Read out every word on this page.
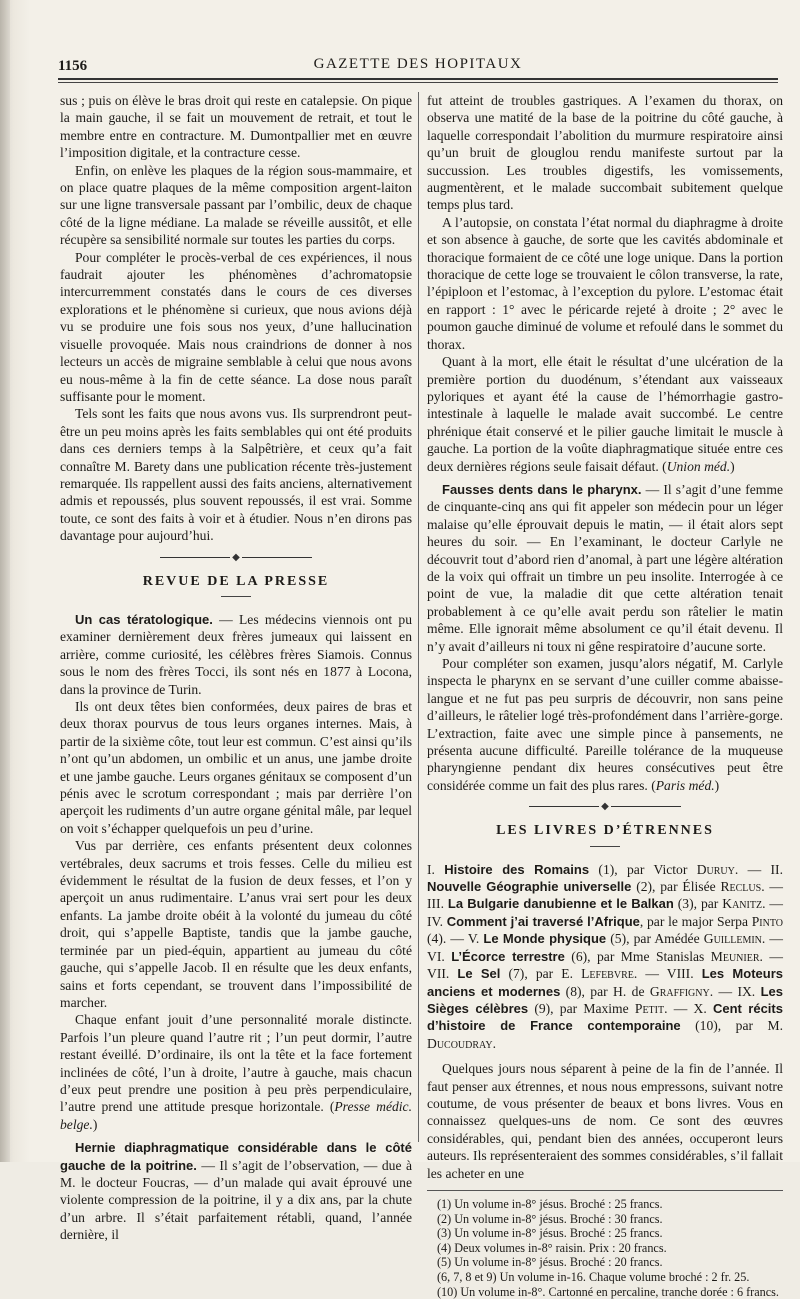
1156	GAZETTE DES HOPITAUX

sus ; puis on élève le bras droit qui reste en catalepsie. On pique la main gauche, il se fait un mouvement de retrait, et tout le membre entre en contracture. M. Dumontpallier met en œuvre l’imposition digitale, et la contracture cesse.

Enfin, on enlève les plaques de la région sous-mammaire, et on place quatre plaques de la même composition argent-laiton sur une ligne transversale passant par l’ombilic, deux de chaque côté de la ligne médiane. La malade se réveille aussitôt, et elle récupère sa sensibilité normale sur toutes les parties du corps.

Pour compléter le procès-verbal de ces expériences, il nous faudrait ajouter les phénomènes d’achromatopsie intercurremment constatés dans le cours de ces diverses explorations et le phénomène si curieux, que nous avions déjà vu se produire une fois sous nos yeux, d’une hallucination visuelle provoquée. Mais nous craindrions de donner à nos lecteurs un accès de migraine semblable à celui que nous avons eu nous-même à la fin de cette séance. La dose nous paraît suffisante pour le moment.

Tels sont les faits que nous avons vus. Ils surprendront peut-être un peu moins après les faits semblables qui ont été produits dans ces derniers temps à la Salpêtrière, et ceux qu’a fait connaître M. Barety dans une publication récente très-justement remarquée. Ils rappellent aussi des faits anciens, alternativement admis et repoussés, plus souvent repoussés, il est vrai. Somme toute, ce sont des faits à voir et à étudier. Nous n’en dirons pas davantage pour aujourd’hui.

◆
REVUE DE LA PRESSE

Un cas tératologique. — Les médecins viennois ont pu examiner dernièrement deux frères jumeaux qui laissent en arrière, comme curiosité, les célèbres frères Siamois. Connus sous le nom des frères Tocci, ils sont nés en 1877 à Locona, dans la province de Turin.

Ils ont deux têtes bien conformées, deux paires de bras et deux thorax pourvus de tous leurs organes internes. Mais, à partir de la sixième côte, tout leur est commun. C’est ainsi qu’ils n’ont qu’un abdomen, un ombilic et un anus, une jambe droite et une jambe gauche. Leurs organes génitaux se composent d’un pénis avec le scrotum correspondant ; mais par derrière l’on aperçoit les rudiments d’un autre organe génital mâle, par lequel on voit s’échapper quelquefois un peu d’urine.

Vus par derrière, ces enfants présentent deux colonnes vertébrales, deux sacrums et trois fesses. Celle du milieu est évidemment le résultat de la fusion de deux fesses, et l’on y aperçoit un anus rudimentaire. L’anus vrai sert pour les deux enfants. La jambe droite obéit à la volonté du jumeau du côté droit, qui s’appelle Baptiste, tandis que la jambe gauche, terminée par un pied-équin, appartient au jumeau du côté gauche, qui s’appelle Jacob. Il en résulte que les deux enfants, sains et forts cependant, se trouvent dans l’impossibilité de marcher.

Chaque enfant jouit d’une personnalité morale distincte. Parfois l’un pleure quand l’autre rit ; l’un peut dormir, l’autre restant éveillé. D’ordinaire, ils ont la tête et la face fortement inclinées de côté, l’un à droite, l’autre à gauche, mais chacun d’eux peut prendre une position à peu près perpendiculaire, l’autre prend une attitude presque horizontale. (Presse médic. belge.)

Hernie diaphragmatique considérable dans le côté gauche de la poitrine. — Il s’agit de l’observation, — due à M. le docteur Foucras, — d’un malade qui avait éprouvé une violente compression de la poitrine, il y a dix ans, par la chute d’un arbre. Il s’était parfaitement rétabli, quand, l’année dernière, il

fut atteint de troubles gastriques. A l’examen du thorax, on observa une matité de la base de la poitrine du côté gauche, à laquelle correspondait l’abolition du murmure respiratoire ainsi qu’un bruit de glouglou rendu manifeste surtout par la succussion. Les troubles digestifs, les vomissements, augmentèrent, et le malade succombait subitement quelque temps plus tard.

A l’autopsie, on constata l’état normal du diaphragme à droite et son absence à gauche, de sorte que les cavités abdominale et thoracique formaient de ce côté une loge unique. Dans la portion thoracique de cette loge se trouvaient le côlon transverse, la rate, l’épiploon et l’estomac, à l’exception du pylore. L’estomac était en rapport : 1° avec le péricarde rejeté à droite ; 2° avec le poumon gauche diminué de volume et refoulé dans le sommet du thorax.

Quant à la mort, elle était le résultat d’une ulcération de la première portion du duodénum, s’étendant aux vaisseaux pyloriques et ayant été la cause de l’hémorrhagie gastro-intestinale à laquelle le malade avait succombé. Le centre phrénique était conservé et le pilier gauche limitait le muscle à gauche. La portion de la voûte diaphragmatique située entre ces deux dernières régions seule faisait défaut. (Union méd.)

Fausses dents dans le pharynx. — Il s’agit d’une femme de cinquante-cinq ans qui fit appeler son médecin pour un léger malaise qu’elle éprouvait depuis le matin, — il était alors sept heures du soir. — En l’examinant, le docteur Carlyle ne découvrit tout d’abord rien d’anomal, à part une légère altération de la voix qui offrait un timbre un peu insolite. Interrogée à ce point de vue, la maladie dit que cette altération tenait probablement à ce qu’elle avait perdu son râtelier le matin même. Elle ignorait même absolument ce qu’il était devenu. Il n’y avait d’ailleurs ni toux ni gêne respiratoire d’aucune sorte.

Pour compléter son examen, jusqu’alors négatif, M. Carlyle inspecta le pharynx en se servant d’une cuiller comme abaisse-langue et ne fut pas peu surpris de découvrir, non sans peine d’ailleurs, le râtelier logé très-profondément dans l’arrière-gorge. L’extraction, faite avec une simple pince à pansements, ne présenta aucune difficulté. Pareille tolérance de la muqueuse pharyngienne pendant dix heures consécutives peut être considérée comme un fait des plus rares. (Paris méd.)

◆
LES LIVRES D’ÉTRENNES

I. Histoire des Romains (1), par Victor Duruy. — II. Nouvelle Géographie universelle (2), par Élisée Reclus. — III. La Bulgarie danubienne et le Balkan (3), par Kanitz. — IV. Comment j’ai traversé l’Afrique, par le major Serpa Pinto (4). — V. Le Monde physique (5), par Amédée Guillemin. — VI. L’Écorce terrestre (6), par Mme Stanislas Meunier. — VII. Le Sel (7), par E. Lefebvre. — VIII. Les Moteurs anciens et modernes (8), par H. de Graffigny. — IX. Les Sièges célèbres (9), par Maxime Petit. — X. Cent récits d’histoire de France contemporaine (10), par M. Ducoudray.

Quelques jours nous séparent à peine de la fin de l’année. Il faut penser aux étrennes, et nous nous empressons, suivant notre coutume, de vous présenter de beaux et bons livres. Vous en connaissez quelques-uns de nom. Ce sont des œuvres considérables, qui, pendant bien des années, occuperont leurs auteurs. Ils représenteraient des sommes considérables, s’il fallait les acheter en une

(1) Un volume in-8° jésus. Broché : 25 francs.
(2) Un volume in-8° jésus. Broché : 30 francs.
(3) Un volume in-8° jésus. Broché : 25 francs.
(4) Deux volumes in-8° raisin. Prix : 20 francs.
(5) Un volume in-8° jésus. Broché : 20 francs.
(6, 7, 8 et 9) Un volume in-16. Chaque volume broché : 2 fr. 25.
(10) Un volume in-8°. Cartonné en percaline, tranche dorée : 6 francs.
